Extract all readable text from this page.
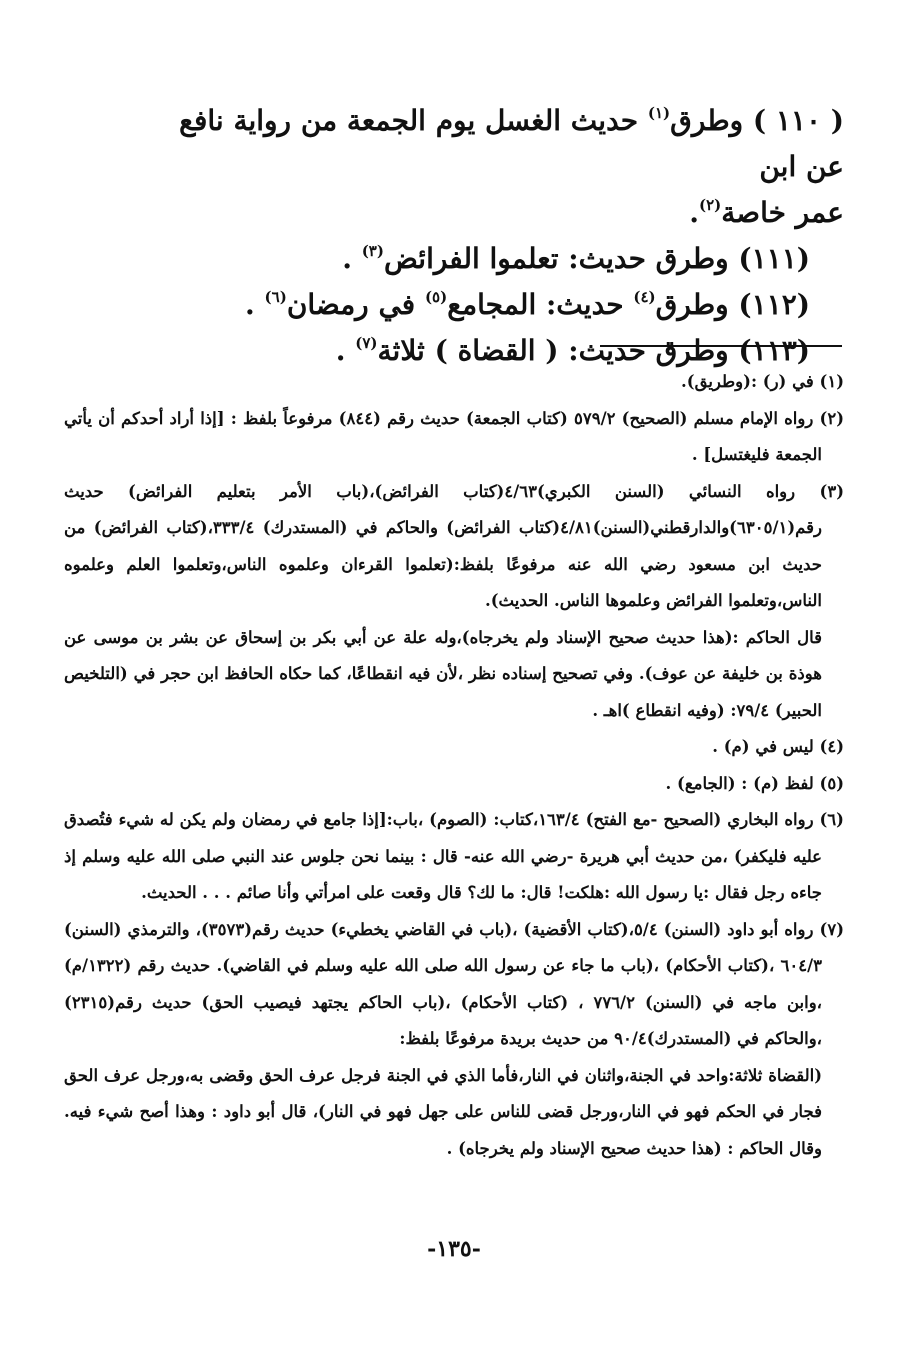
( ١١٠ ) وطرق$^{(١)}$ حديث الغسل يوم الجمعة من رواية نافع عن ابن

عمر خاصة$^{(٢)}$.

(١١١) وطرق حديث: تعلموا الفرائض$^{(٣)}$ .

(١١٢) وطرق$^{(٤)}$ حديث: المجامع$^{(٥)}$ في رمضان$^{(٦)}$ .

(١١٣) وطرق حديث: ( القضاة ) ثلاثة$^{(٧)}$ .

(١) في (ر) :(وطريق).

(٢) رواه الإمام مسلم (الصحيح) ٥٧٩/٢ (كتاب الجمعة) حديث رقم (٨٤٤) مرفوعاً بلفظ : [إذا أراد أحدكم أن يأتي الجمعة فليغتسل] .

(٣) رواه النسائي (السنن الكبري)٤/٦٣(كتاب الفرائض)،(باب الأمر بتعليم الفرائض) حديث رقم(٦٣٠٥/١)والدارقطني(السنن)٤/٨١(كتاب الفرائض) والحاكم في (المستدرك) ٣٣٣/٤،(كتاب الفرائض) من حديث ابن مسعود رضي الله عنه مرفوعًا بلفظ:(تعلموا القرءان وعلموه الناس،وتعلموا العلم وعلموه الناس،وتعلموا الفرائض وعلموها الناس. الحديث).
قال الحاكم :(هذا حديث صحيح الإسناد ولم يخرجاه)،وله علة عن أبي بكر بن إسحاق عن بشر بن موسى عن هوذة بن خليفة عن عوف). وفي تصحيح إسناده نظر ،لأن فيه انقطاعًا، كما حكاه الحافظ ابن حجر في (التلخيص الحبير) ٧٩/٤: (وفيه انقطاع )اهـ .

(٤) ليس في (م) .

(٥) لفظ (م) : (الجامع) .

(٦) رواه البخاري (الصحيح -مع الفتح) ١٦٣/٤،كتاب: (الصوم) ،باب:[إذا جامع في رمضان ولم يكن له شيء فتُصدق عليه فليكفر) ،من حديث أبي هريرة -رضي الله عنه- قال : بينما نحن جلوس عند النبي صلى الله عليه وسلم إذ جاءه رجل فقال :يا رسول الله :هلكت! قال: ما لك؟ قال وقعت على امرأتي وأنا صائم . . . الحديث.

(٧) رواه أبو داود (السنن) ٥/٤،(كتاب الأقضية) ،(باب في القاضي يخطيء) حديث رقم(٣٥٧٣)، والترمذي (السنن) ٦٠٤/٣ ،(كتاب الأحكام) ،(باب ما جاء عن رسول الله صلى الله عليه وسلم في القاضي). حديث رقم (١٣٢٢/م) ،وابن ماجه في (السنن) ٧٧٦/٢ ، (كتاب الأحكام) ،(باب الحاكم يجتهد فيصيب الحق) حديث رقم(٢٣١٥) ،والحاكم في (المستدرك)٩٠/٤ من حديث بريدة مرفوعًا بلفظ:
(القضاة ثلاثة:واحد في الجنة،واثنان في النار،فأما الذي في الجنة فرجل عرف الحق وقضى به،ورجل عرف الحق فجار في الحكم فهو في النار،ورجل قضى للناس على جهل فهو في النار)، قال أبو داود : وهذا أصح شيء فيه. وقال الحاكم : (هذا حديث صحيح الإسناد ولم يخرجاه) .

-١٣٥-
